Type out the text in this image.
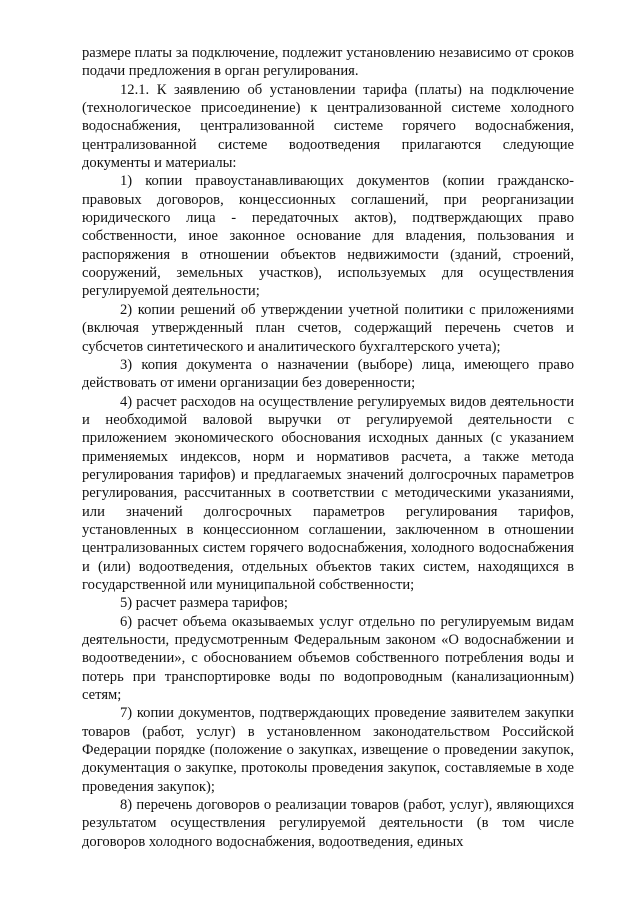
размере платы за подключение, подлежит установлению независимо от сроков подачи предложения в орган регулирования.

12.1. К заявлению об установлении тарифа (платы) на подключение (технологическое присоединение) к централизованной системе холодного водоснабжения, централизованной системе горячего водоснабжения, централизованной системе водоотведения прилагаются следующие документы и материалы:

1) копии правоустанавливающих документов (копии гражданско-правовых договоров, концессионных соглашений, при реорганизации юридического лица - передаточных актов), подтверждающих право собственности, иное законное основание для владения, пользования и распоряжения в отношении объектов недвижимости (зданий, строений, сооружений, земельных участков), используемых для осуществления регулируемой деятельности;

2) копии решений об утверждении учетной политики с приложениями (включая утвержденный план счетов, содержащий перечень счетов и субсчетов синтетического и аналитического бухгалтерского учета);

3) копия документа о назначении (выборе) лица, имеющего право действовать от имени организации без доверенности;

4) расчет расходов на осуществление регулируемых видов деятельности и необходимой валовой выручки от регулируемой деятельности с приложением экономического обоснования исходных данных (с указанием применяемых индексов, норм и нормативов расчета, а также метода регулирования тарифов) и предлагаемых значений долгосрочных параметров регулирования, рассчитанных в соответствии с методическими указаниями, или значений долгосрочных параметров регулирования тарифов, установленных в концессионном соглашении, заключенном в отношении централизованных систем горячего водоснабжения, холодного водоснабжения и (или) водоотведения, отдельных объектов таких систем, находящихся в государственной или муниципальной собственности;

5) расчет размера тарифов;

6) расчет объема оказываемых услуг отдельно по регулируемым видам деятельности, предусмотренным Федеральным законом «О водоснабжении и водоотведении», с обоснованием объемов собственного потребления воды и потерь при транспортировке воды по водопроводным (канализационным) сетям;

7) копии документов, подтверждающих проведение заявителем закупки товаров (работ, услуг) в установленном законодательством Российской Федерации порядке (положение о закупках, извещение о проведении закупок, документация о закупке, протоколы проведения закупок, составляемые в ходе проведения закупок);

8) перечень договоров о реализации товаров (работ, услуг), являющихся результатом осуществления регулируемой деятельности (в том числе договоров холодного водоснабжения, водоотведения, единых
